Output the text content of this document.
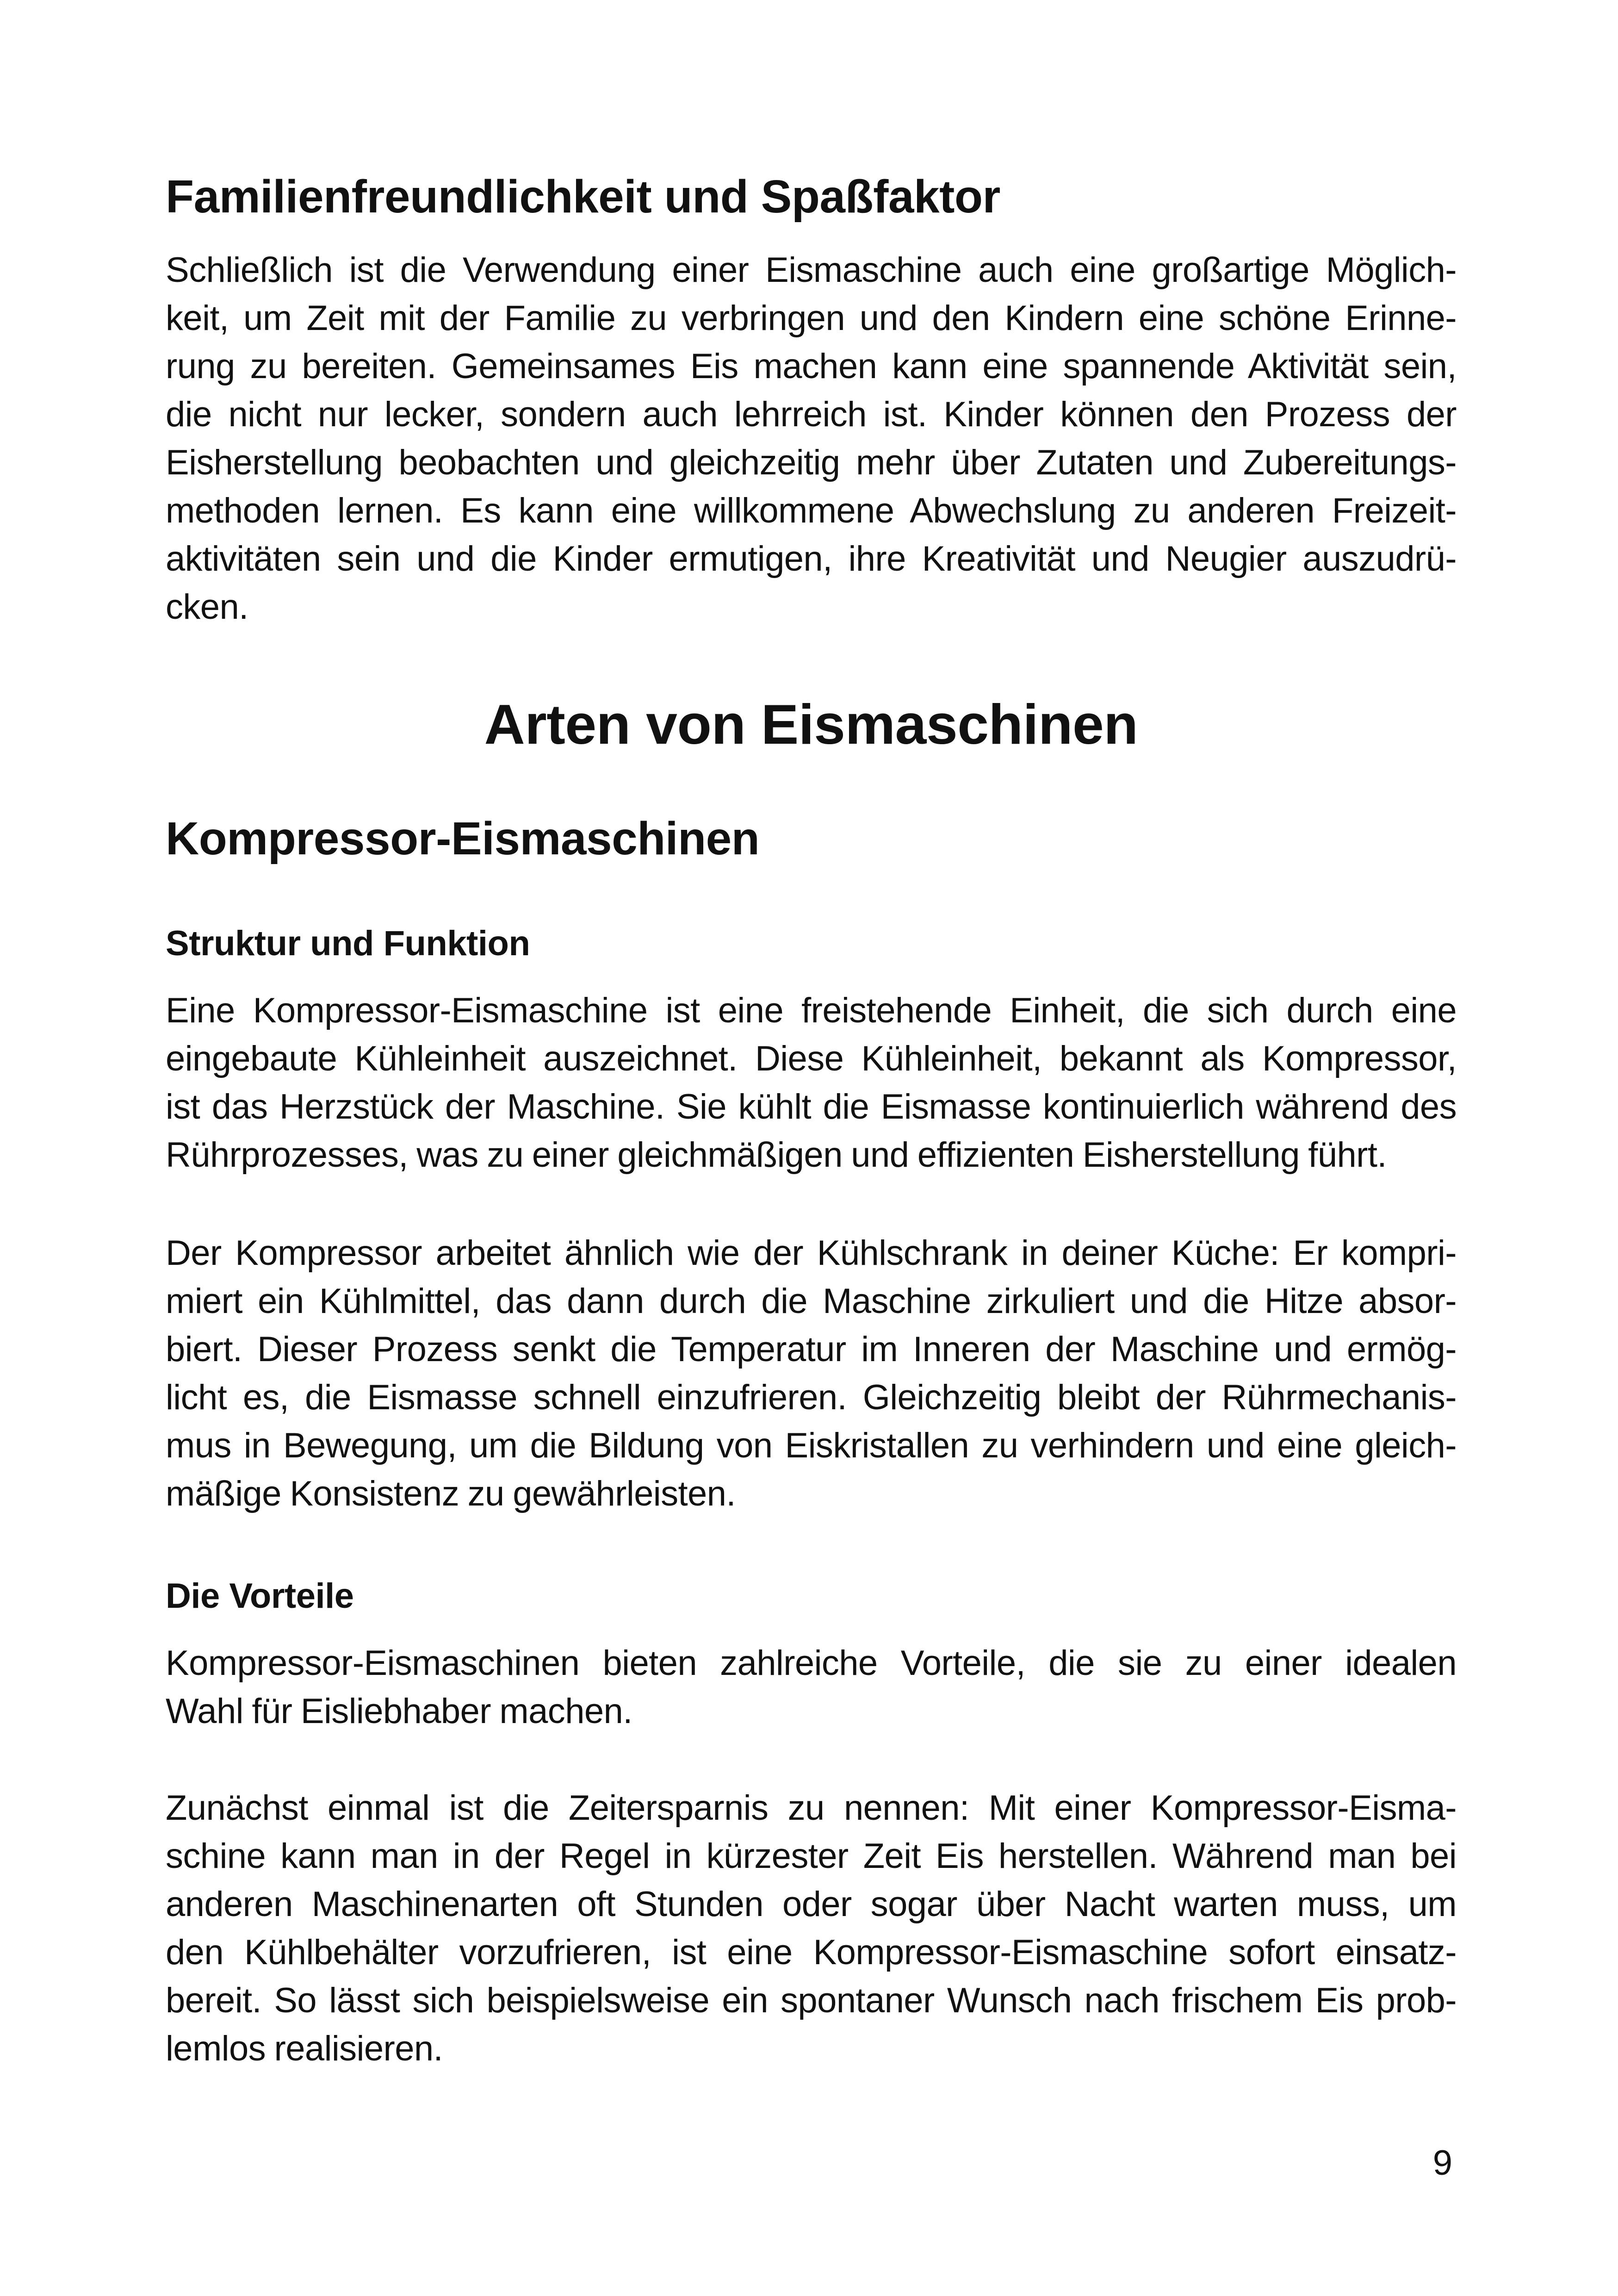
Familienfreundlichkeit und Spaßfaktor

Schließlich ist die Verwendung einer Eismaschine auch eine großartige Möglich-
keit, um Zeit mit der Familie zu verbringen und den Kindern eine schöne Erinne-
rung zu bereiten. Gemeinsames Eis machen kann eine spannende Aktivität sein,
die nicht nur lecker, sondern auch lehrreich ist. Kinder können den Prozess der
Eisherstellung beobachten und gleichzeitig mehr über Zutaten und Zubereitungs-
methoden lernen. Es kann eine willkommene Abwechslung zu anderen Freizeit-
aktivitäten sein und die Kinder ermutigen, ihre Kreativität und Neugier auszudrü-
cken.

Arten von Eismaschinen
Kompressor-Eismaschinen
Struktur und Funktion

Eine Kompressor-Eismaschine ist eine freistehende Einheit, die sich durch eine
eingebaute Kühleinheit auszeichnet. Diese Kühleinheit, bekannt als Kompressor,
ist das Herzstück der Maschine. Sie kühlt die Eismasse kontinuierlich während des
Rührprozesses, was zu einer gleichmäßigen und effizienten Eisherstellung führt.

Der Kompressor arbeitet ähnlich wie der Kühlschrank in deiner Küche: Er kompri-
miert ein Kühlmittel, das dann durch die Maschine zirkuliert und die Hitze absor-
biert. Dieser Prozess senkt die Temperatur im Inneren der Maschine und ermög-
licht es, die Eismasse schnell einzufrieren. Gleichzeitig bleibt der Rührmechanis-
mus in Bewegung, um die Bildung von Eiskristallen zu verhindern und eine gleich-
mäßige Konsistenz zu gewährleisten.

Die Vorteile

Kompressor-Eismaschinen bieten zahlreiche Vorteile, die sie zu einer idealen
Wahl für Eisliebhaber machen.

Zunächst einmal ist die Zeitersparnis zu nennen: Mit einer Kompressor-Eisma-
schine kann man in der Regel in kürzester Zeit Eis herstellen. Während man bei
anderen Maschinenarten oft Stunden oder sogar über Nacht warten muss, um
den Kühlbehälter vorzufrieren, ist eine Kompressor-Eismaschine sofort einsatz-
bereit. So lässt sich beispielsweise ein spontaner Wunsch nach frischem Eis prob-
lemlos realisieren.

9
